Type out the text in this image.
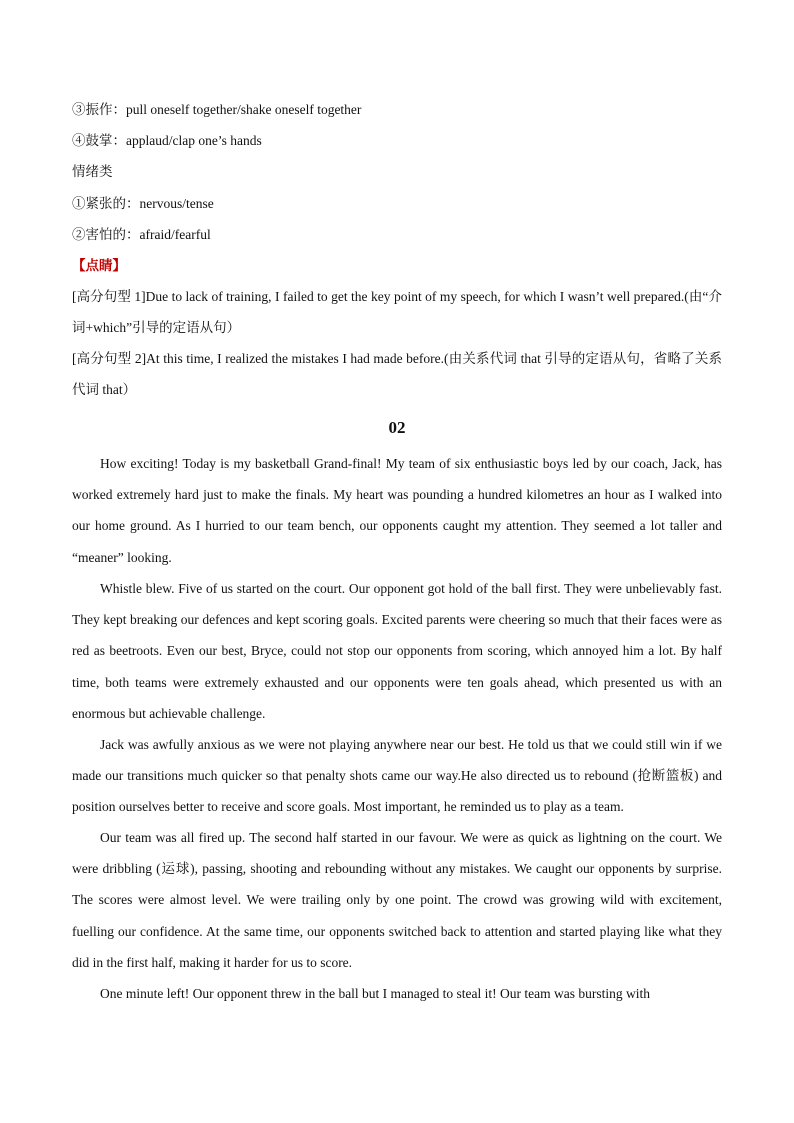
③振作：pull oneself together/shake oneself together
④鼓掌：applaud/clap one’s hands
情绪类
①紧张的：nervous/tense
②害怕的：afraid/fearful
【点睛】

[高分句型 1]Due to lack of training, I failed to get the key point of my speech, for which I wasn’t well prepared.(由“介词+which”引导的定语从句）

[高分句型 2]At this time, I realized the mistakes I had made before.(由关系代词 that 引导的定语从句，省略了关系代词 that）

02

How exciting! Today is my basketball Grand-final! My team of six enthusiastic boys led by our coach, Jack, has worked extremely hard just to make the finals. My heart was pounding a hundred kilometres an hour as I walked into our home ground. As I hurried to our team bench, our opponents caught my attention. They seemed a lot taller and “meaner” looking.

Whistle blew. Five of us started on the court. Our opponent got hold of the ball first. They were unbelievably fast. They kept breaking our defences and kept scoring goals. Excited parents were cheering so much that their faces were as red as beetroots. Even our best, Bryce, could not stop our opponents from scoring, which annoyed him a lot. By half time, both teams were extremely exhausted and our opponents were ten goals ahead, which presented us with an enormous but achievable challenge.

Jack was awfully anxious as we were not playing anywhere near our best. He told us that we could still win if we made our transitions much quicker so that penalty shots came our way.He also directed us to rebound (抢断篮板) and position ourselves better to receive and score goals. Most important, he reminded us to play as a team.

Our team was all fired up. The second half started in our favour. We were as quick as lightning on the court. We were dribbling (运球), passing, shooting and rebounding without any mistakes. We caught our opponents by surprise. The scores were almost level. We were trailing only by one point. The crowd was growing wild with excitement, fuelling our confidence. At the same time, our opponents switched back to attention and started playing like what they did in the first half, making it harder for us to score.

One minute left! Our opponent threw in the ball but I managed to steal it! Our team was bursting with
